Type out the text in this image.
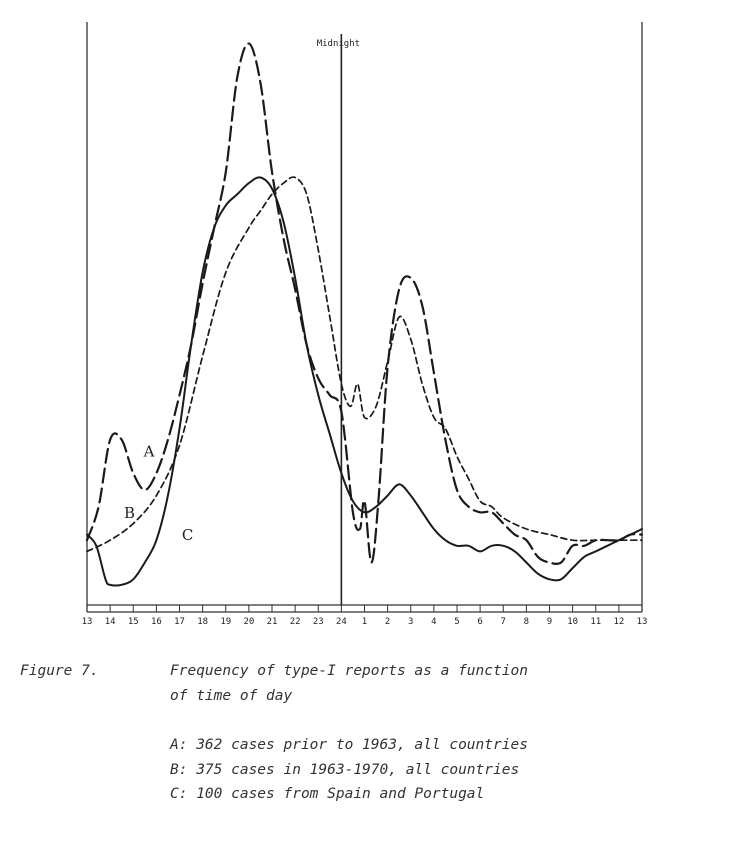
13 14 15 16 17 18 19 20 21 22 23 24 1 2 3 4 5 6 7 8 9 10 11 12 13
Midnight
A
B
C
Figure 7.	Frequency of type-I reports as a function
of time of day
A: 362 cases prior to 1963, all countries
B: 375 cases in 1963-1970, all countries
C: 100 cases from Spain and Portugal
